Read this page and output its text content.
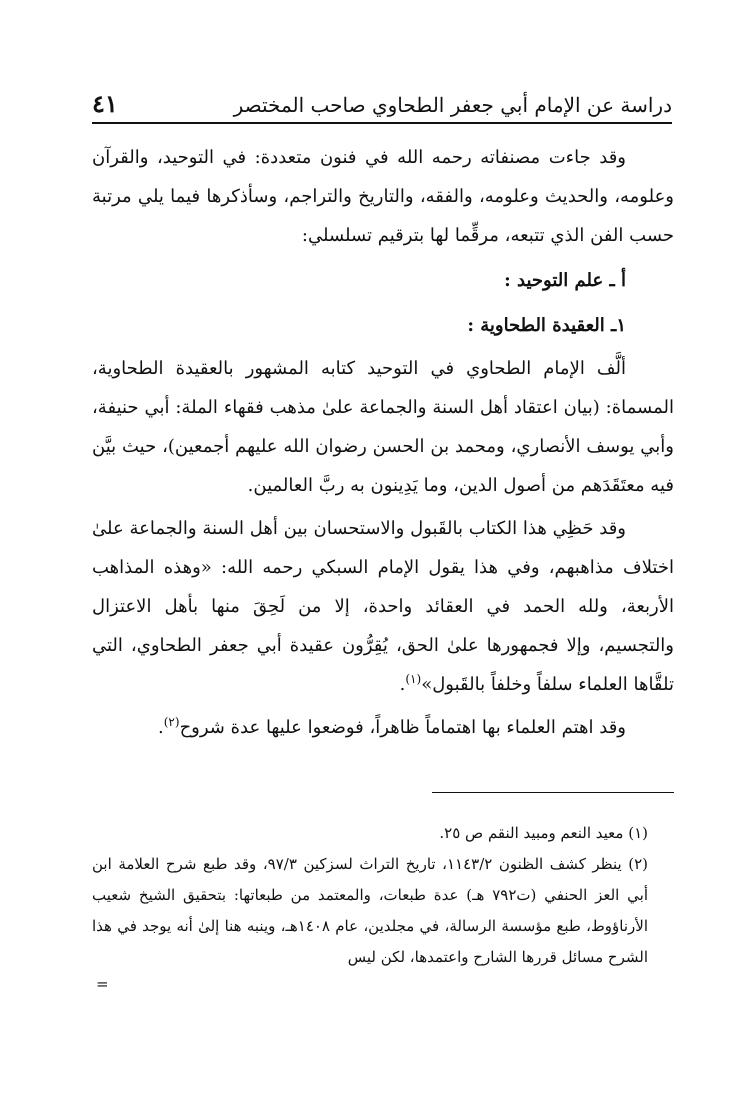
دراسة عن الإمام أبي جعفر الطحاوي صاحب المختصر
٤١

وقد جاءت مصنفاته رحمه الله في فنون متعددة: في التوحيد، والقرآن وعلومه، والحديث وعلومه، والفقه، والتاريخ والتراجم، وسأذكرها فيما يلي مرتبة حسب الفن الذي تتبعه، مرقِّما لها بترقيم تسلسلي:

أ ـ علم التوحيد :

١ـ العقيدة الطحاوية :

ألَّف الإمام الطحاوي في التوحيد كتابه المشهور بالعقيدة الطحاوية، المسماة: (بيان اعتقاد أهل السنة والجماعة علىٰ مذهب فقهاء الملة: أبي حنيفة، وأبي يوسف الأنصاري، ومحمد بن الحسن رضوان الله عليهم أجمعين)، حيث بيَّن فيه معتَقَدَهم من أصول الدين، وما يَدِينون به ربَّ العالمين.

وقد حَظِي هذا الكتاب بالقَبول والاستحسان بين أهل السنة والجماعة علىٰ اختلاف مذاهبهم، وفي هذا يقول الإمام السبكي رحمه الله: «وهذه المذاهب الأربعة، ولله الحمد في العقائد واحدة، إلا من لَحِقَ منها بأهل الاعتزال والتجسيم، وإلا فجمهورها علىٰ الحق، يُقِرُّون عقيدة أبي جعفر الطحاوي، التي تلقَّاها العلماء سلفاً وخلفاً بالقَبول»$^{(١)}$.

وقد اهتم العلماء بها اهتماماً ظاهراً، فوضعوا عليها عدة شروح$^{(٢)}$.

(١) معيد النعم ومبيد النقم ص ٢٥.

(٢) ينظر كشف الظنون ١١٤٣/٢، تاريخ التراث لسزكين ٩٧/٣، وقد طبع شرح العلامة ابن أبي العز الحنفي (ت٧٩٢ هـ) عدة طبعات، والمعتمد من طبعاتها: بتحقيق الشيخ شعيب الأرناؤوط، طبع مؤسسة الرسالة، في مجلدين، عام ١٤٠٨هـ، وينبه هنا إلىٰ أنه يوجد في هذا الشرح مسائل قررها الشارح واعتمدها، لكن ليس

=
